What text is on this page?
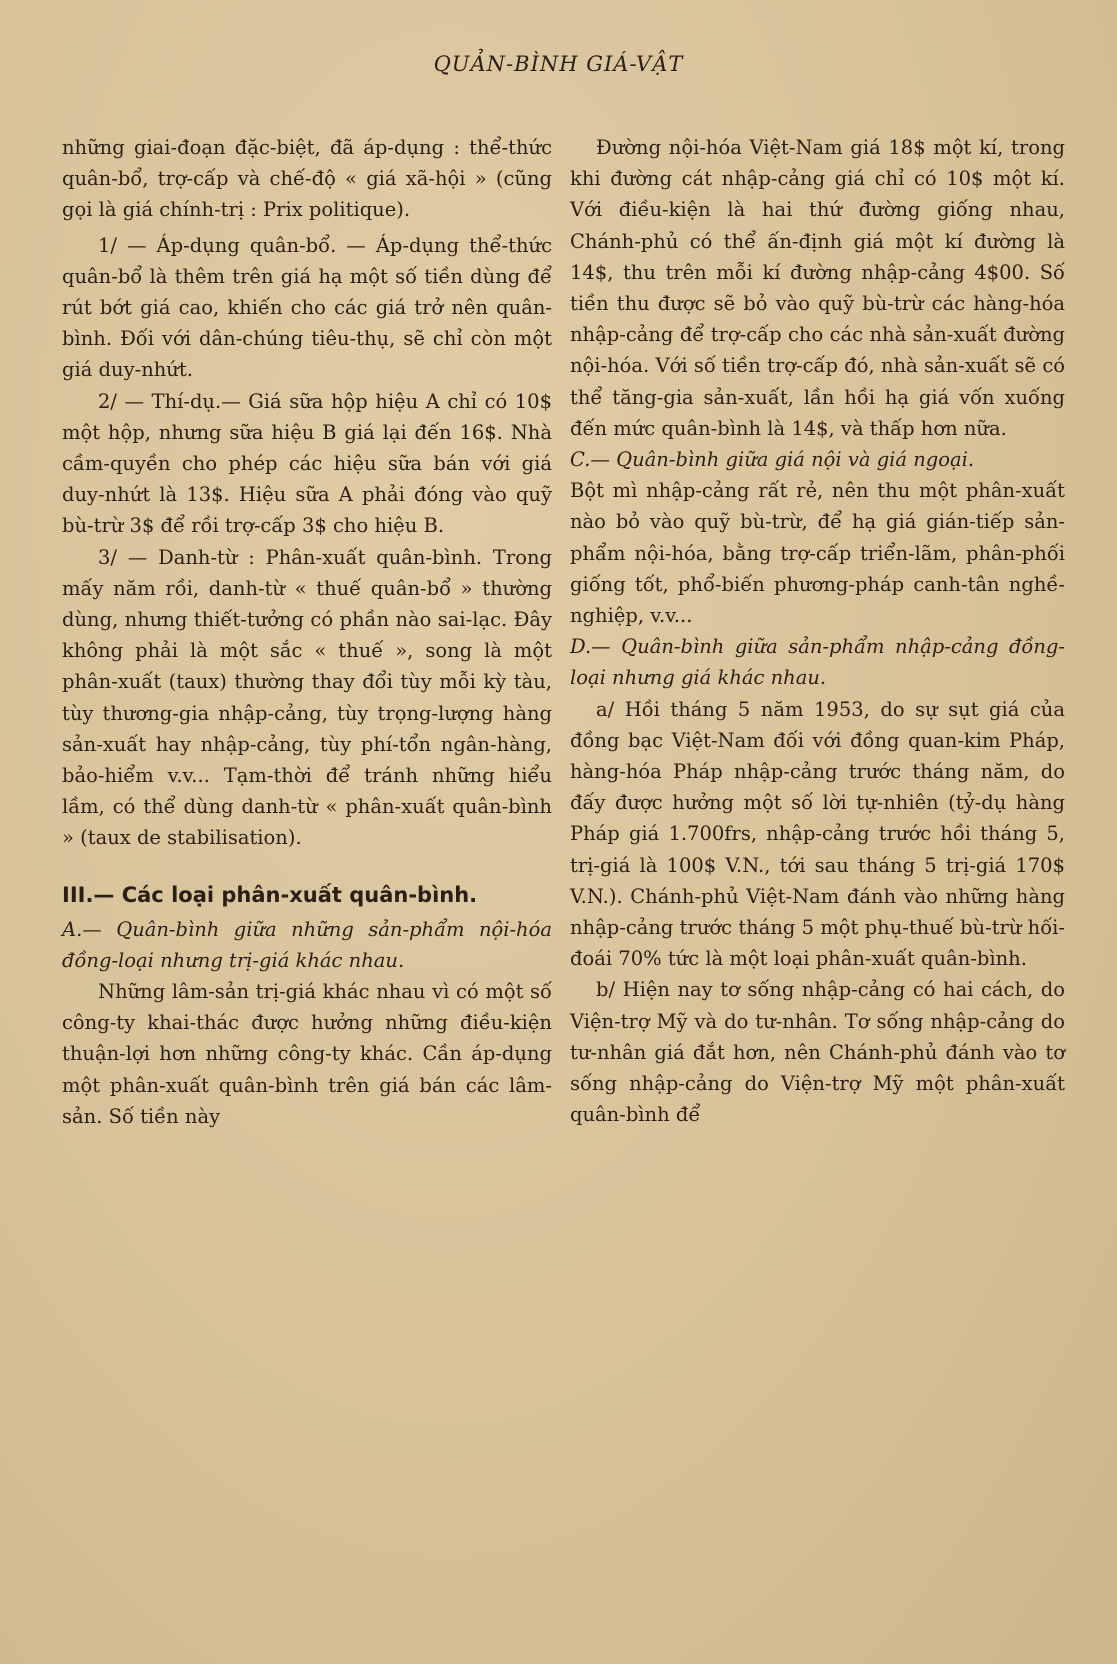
QUẢN-BÌNH GIÁ-VẬT

những giai-đoạn đặc-biệt, đã áp-dụng : thể-thức quân-bổ, trợ-cấp và chế-độ « giá xã-hội » (cũng gọi là giá chính-trị : Prix politique).

1/ — Áp-dụng quân-bổ. — Áp-dụng thể-thức quân-bổ là thêm trên giá hạ một số tiền dùng để rút bớt giá cao, khiến cho các giá trở nên quân-bình. Đối với dân-chúng tiêu-thụ, sẽ chỉ còn một giá duy-nhứt.

2/ — Thí-dụ.— Giá sữa hộp hiệu A chỉ có 10$ một hộp, nhưng sữa hiệu B giá lại đến 16$. Nhà cầm-quyền cho phép các hiệu sữa bán với giá duy-nhứt là 13$. Hiệu sữa A phải đóng vào quỹ bù-trừ 3$ để rồi trợ-cấp 3$ cho hiệu B.

3/ — Danh-từ : Phân-xuất quân-bình. Trong mấy năm rồi, danh-từ « thuế quân-bổ » thường dùng, nhưng thiết-tưởng có phần nào sai-lạc. Đây không phải là một sắc « thuế », song là một phân-xuất (taux) thường thay đổi tùy mỗi kỳ tàu, tùy thương-gia nhập-cảng, tùy trọng-lượng hàng sản-xuất hay nhập-cảng, tùy phí-tổn ngân-hàng, bảo-hiểm v.v... Tạm-thời để tránh những hiểu lầm, có thể dùng danh-từ « phân-xuất quân-bình » (taux de stabilisation).

III.— Các loại phân-xuất quân-bình.

A.— Quân-bình giữa những sản-phẩm nội-hóa đồng-loại nhưng trị-giá khác nhau.

Những lâm-sản trị-giá khác nhau vì có một số công-ty khai-thác được hưởng những điều-kiện thuận-lợi hơn những công-ty khác. Cần áp-dụng một phân-xuất quân-bình trên giá bán các lâm-sản. Số tiền này

Đường nội-hóa Việt-Nam giá 18$ một kí, trong khi đường cát nhập-cảng giá chỉ có 10$ một kí. Với điều-kiện là hai thứ đường giống nhau, Chánh-phủ có thể ấn-định giá một kí đường là 14$, thu trên mỗi kí đường nhập-cảng 4$00. Số tiền thu được sẽ bỏ vào quỹ bù-trừ các hàng-hóa nhập-cảng để trợ-cấp cho các nhà sản-xuất đường nội-hóa. Với số tiền trợ-cấp đó, nhà sản-xuất sẽ có thể tăng-gia sản-xuất, lần hồi hạ giá vốn xuống đến mức quân-bình là 14$, và thấp hơn nữa.

C.— Quân-bình giữa giá nội và giá ngoại.

Bột mì nhập-cảng rất rẻ, nên thu một phân-xuất nào bỏ vào quỹ bù-trừ, để hạ giá gián-tiếp sản-phẩm nội-hóa, bằng trợ-cấp triển-lãm, phân-phối giống tốt, phổ-biến phương-pháp canh-tân nghề-nghiệp, v.v...

D.— Quân-bình giữa sản-phẩm nhập-cảng đồng-loại nhưng giá khác nhau.

a/ Hồi tháng 5 năm 1953, do sự sụt giá của đồng bạc Việt-Nam đối với đồng quan-kim Pháp, hàng-hóa Pháp nhập-cảng trước tháng năm, do đấy được hưởng một số lời tự-nhiên (tỷ-dụ hàng Pháp giá 1.700frs, nhập-cảng trước hồi tháng 5, trị-giá là 100$ V.N., tới sau tháng 5 trị-giá 170$ V.N.). Chánh-phủ Việt-Nam đánh vào những hàng nhập-cảng trước tháng 5 một phụ-thuế bù-trừ hối-đoái 70% tức là một loại phân-xuất quân-bình.

b/ Hiện nay tơ sống nhập-cảng có hai cách, do Viện-trợ Mỹ và do tư-nhân. Tơ sống nhập-cảng do tư-nhân giá đắt hơn, nên Chánh-phủ đánh vào tơ sống nhập-cảng do Viện-trợ Mỹ một phân-xuất quân-bình để
